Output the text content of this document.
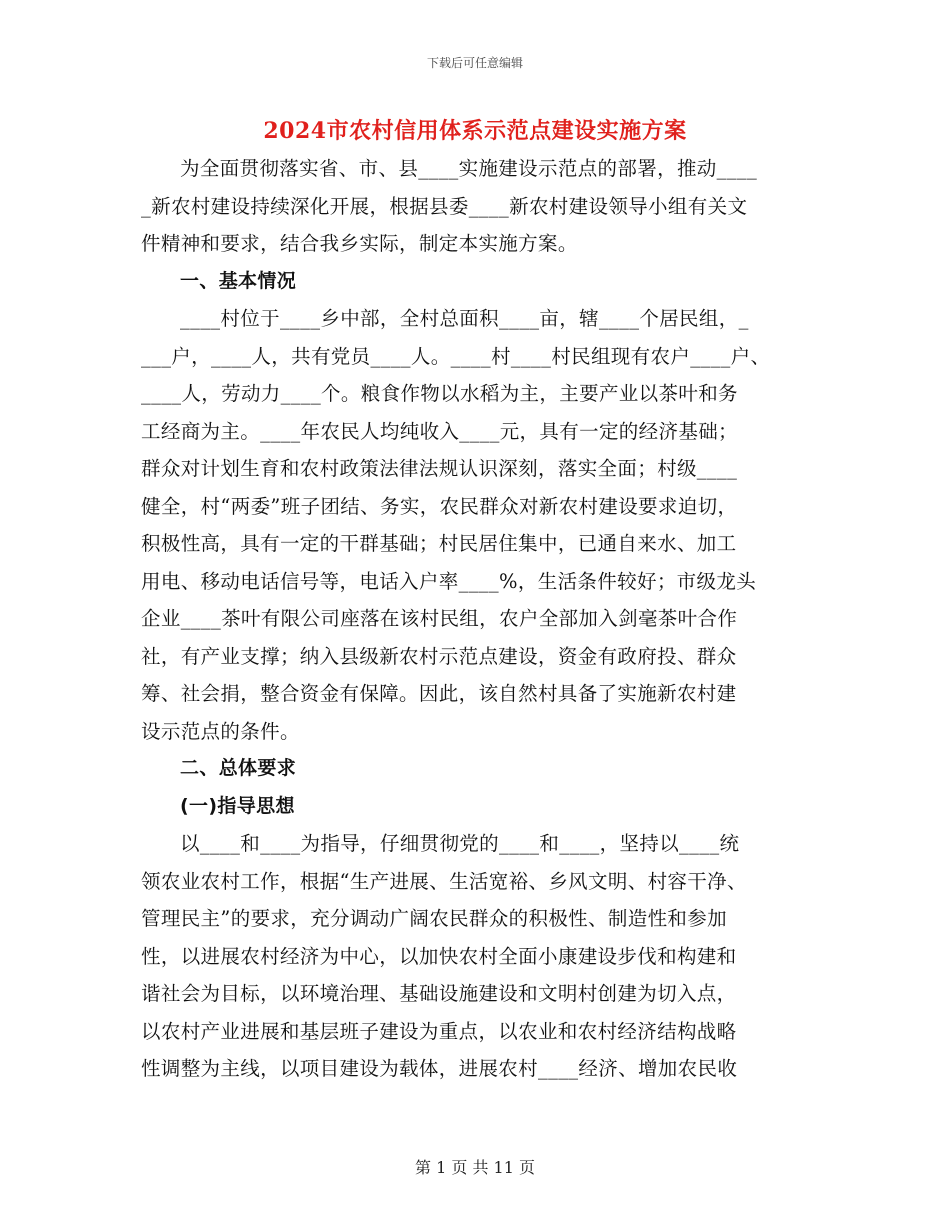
下载后可任意编辑
2024市农村信用体系示范点建设实施方案
为全面贯彻落实省、市、县____实施建设示范点的部署，推动____
_新农村建设持续深化开展，根据县委____新农村建设领导小组有关文
件精神和要求，结合我乡实际，制定本实施方案。
一、基本情况
____村位于____乡中部，全村总面积____亩，辖____个居民组，_
___户，____人，共有党员____人。____村____村民组现有农户____户、
____人，劳动力____个。粮食作物以水稻为主，主要产业以茶叶和务
工经商为主。____年农民人均纯收入____元，具有一定的经济基础；
群众对计划生育和农村政策法律法规认识深刻，落实全面；村级____
健全，村“两委”班子团结、务实，农民群众对新农村建设要求迫切，
积极性高，具有一定的干群基础；村民居住集中，已通自来水、加工
用电、移动电话信号等，电话入户率____%，生活条件较好；市级龙头
企业____茶叶有限公司座落在该村民组，农户全部加入剑毫茶叶合作
社，有产业支撑；纳入县级新农村示范点建设，资金有政府投、群众
筹、社会捐，整合资金有保障。因此，该自然村具备了实施新农村建
设示范点的条件。
二、总体要求
(一)指导思想
以____和____为指导，仔细贯彻党的____和____，坚持以____统
领农业农村工作，根据“生产进展、生活宽裕、乡风文明、村容干净、
管理民主”的要求，充分调动广阔农民群众的积极性、制造性和参加
性，以进展农村经济为中心，以加快农村全面小康建设步伐和构建和
谐社会为目标，以环境治理、基础设施建设和文明村创建为切入点，
以农村产业进展和基层班子建设为重点，以农业和农村经济结构战略
性调整为主线，以项目建设为载体，进展农村____经济、增加农民收
第 1 页 共 11 页
